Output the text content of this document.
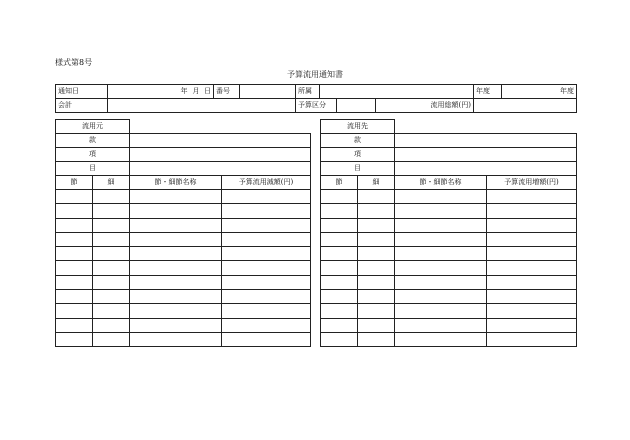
様式第8号
予算流用通知書
通知日		年	月	日	番号		所属			年度	年度
会計							予算区分		流用総額(円)		

流用元			
款			
項			
目			
節	細	節・細節名称	予算流用減額(円)

流用先			
款			
項			
目			
節	細	節・細節名称	予算流用増額(円)
